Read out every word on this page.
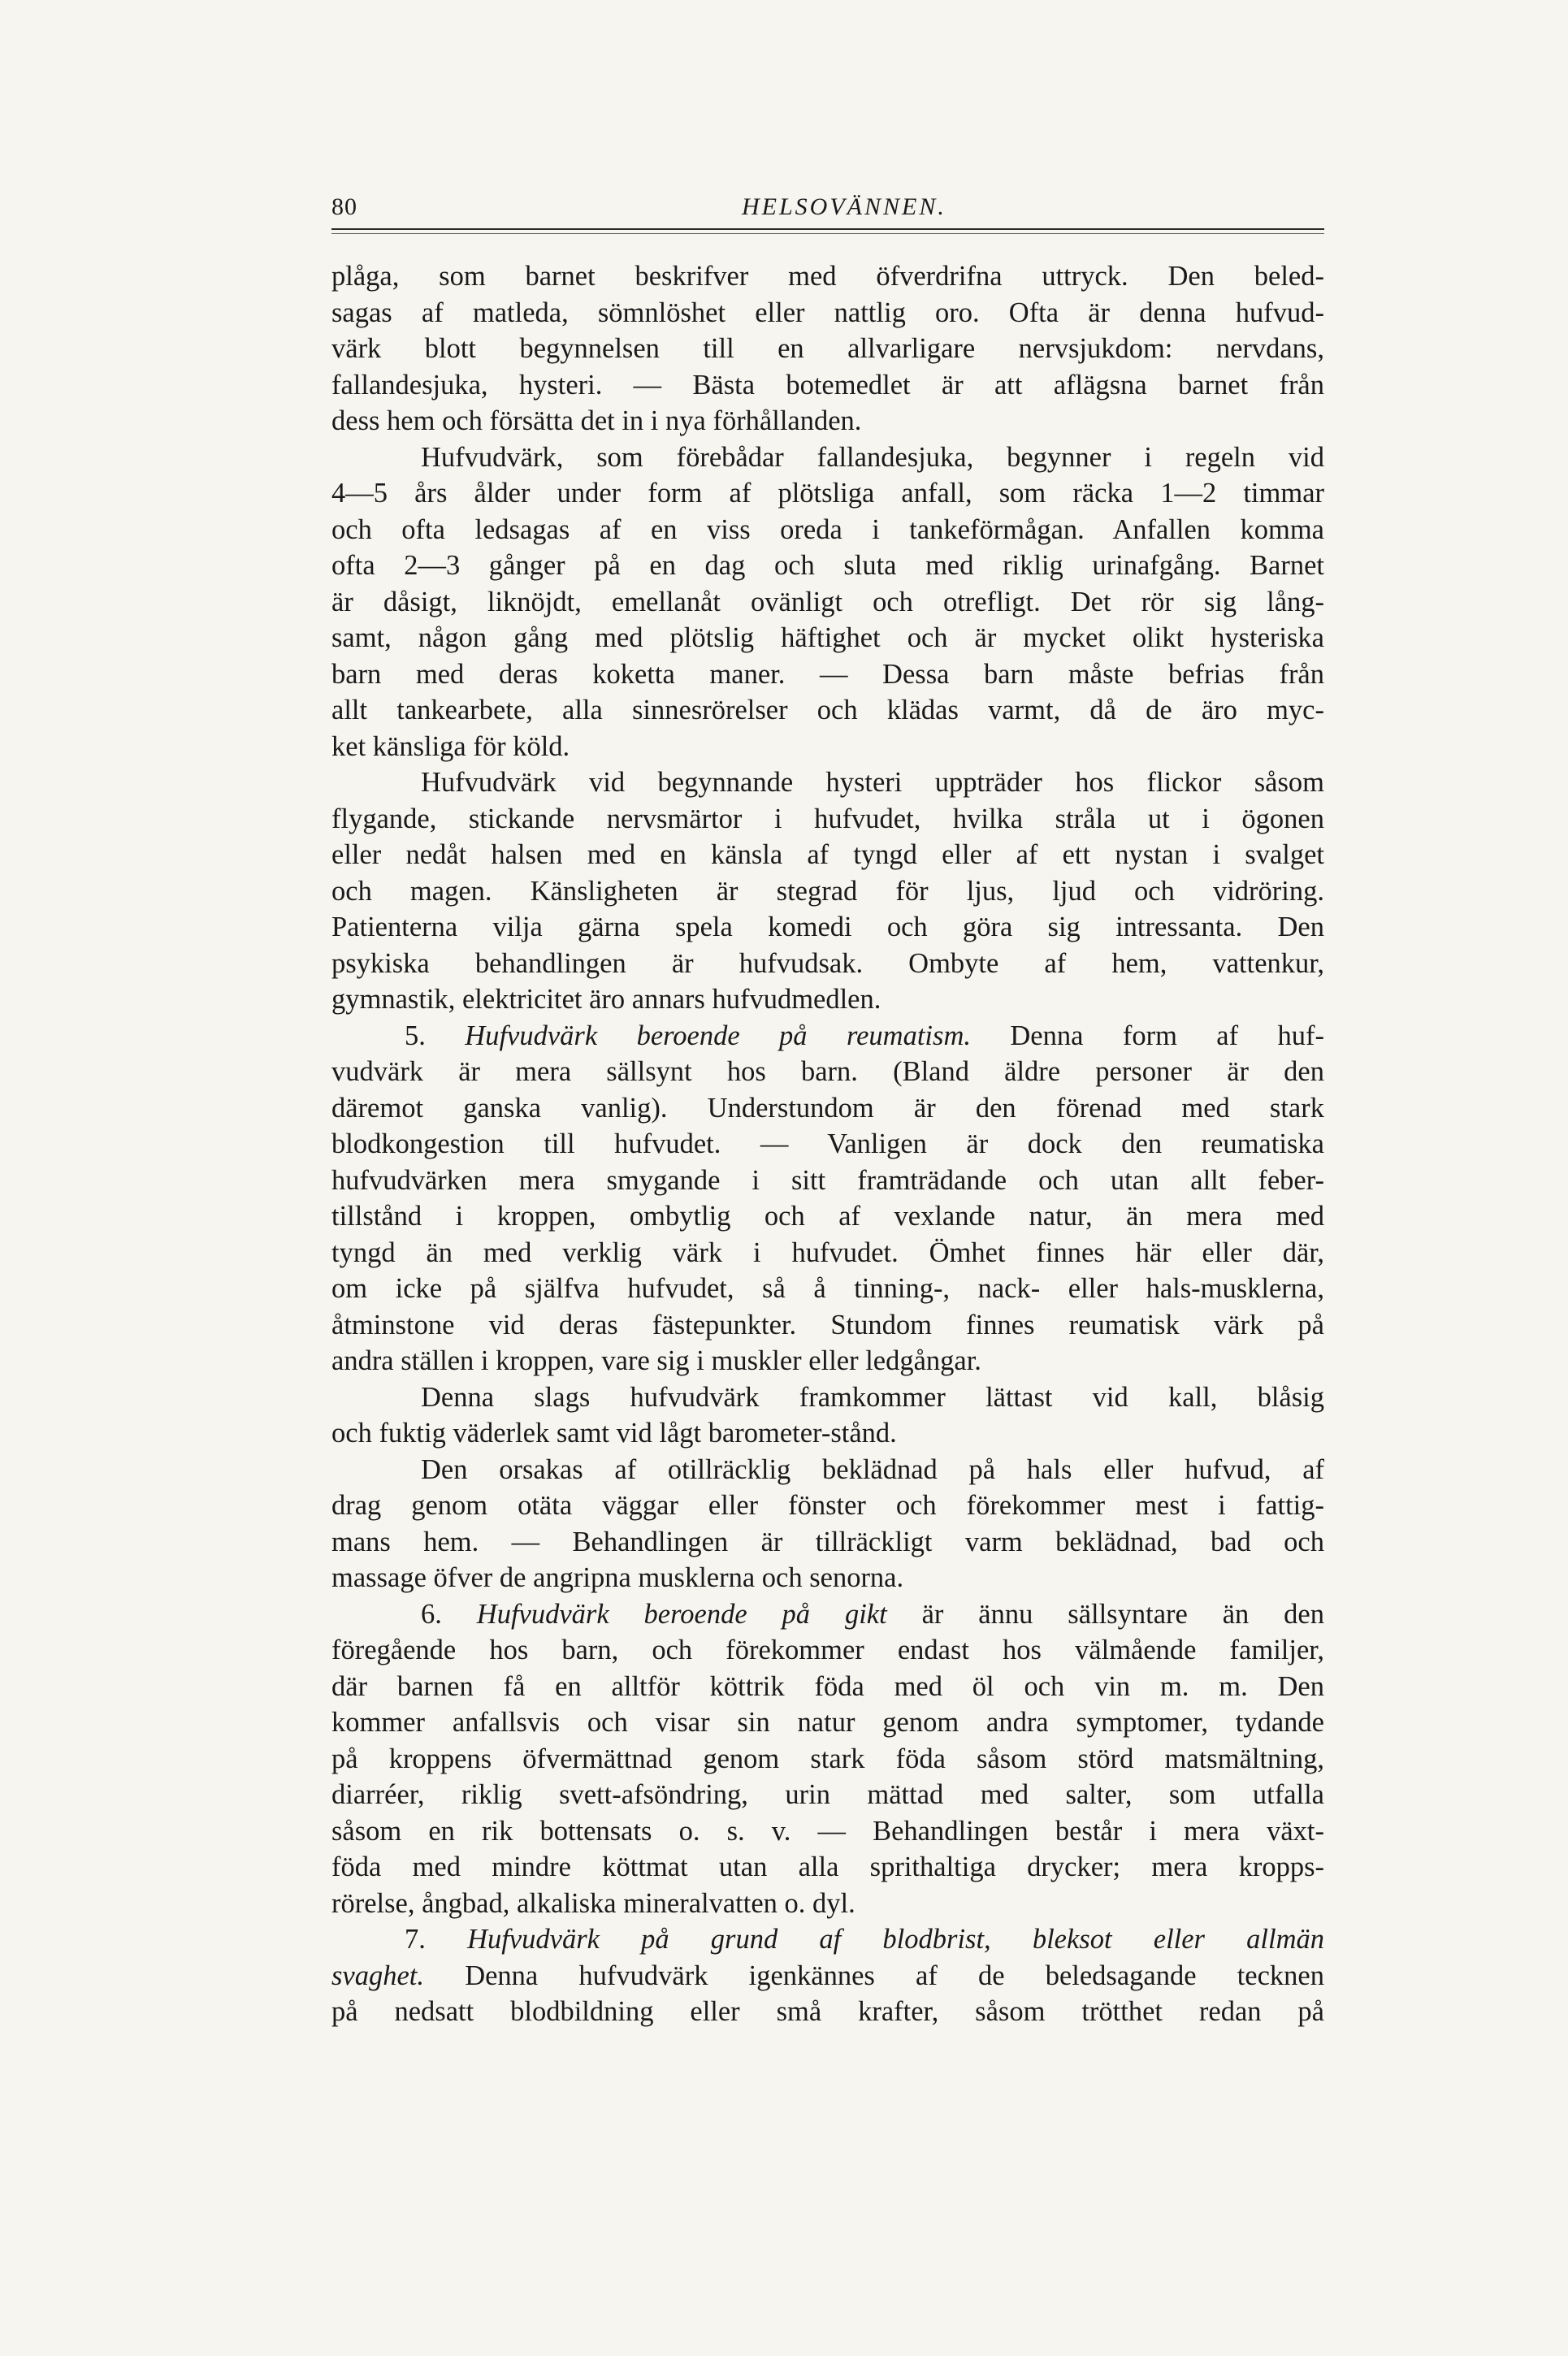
80	HELSOVÄNNEN.
plåga, som barnet beskrifver med öfverdrifna uttryck. Den beled-
sagas af matleda, sömnlöshet eller nattlig oro. Ofta är denna hufvud-
värk blott begynnelsen till en allvarligare nervsjukdom: nervdans,
fallandesjuka, hysteri. — Bästa botemedlet är att aflägsna barnet från
dess hem och försätta det in i nya förhållanden.
Hufvudvärk, som förebådar fallandesjuka, begynner i regeln vid
4—5 års ålder under form af plötsliga anfall, som räcka 1—2 timmar
och ofta ledsagas af en viss oreda i tankeförmågan. Anfallen komma
ofta 2—3 gånger på en dag och sluta med riklig urinafgång. Barnet
är dåsigt, liknöjdt, emellanåt ovänligt och otrefligt. Det rör sig lång-
samt, någon gång med plötslig häftighet och är mycket olikt hysteriska
barn med deras koketta maner. — Dessa barn måste befrias från
allt tankearbete, alla sinnesrörelser och klädas varmt, då de äro myc-
ket känsliga för köld.
Hufvudvärk vid begynnande hysteri uppträder hos flickor såsom
flygande, stickande nervsmärtor i hufvudet, hvilka stråla ut i ögonen
eller nedåt halsen med en känsla af tyngd eller af ett nystan i svalget
och magen. Känsligheten är stegrad för ljus, ljud och vidröring.
Patienterna vilja gärna spela komedi och göra sig intressanta. Den
psykiska behandlingen är hufvudsak. Ombyte af hem, vattenkur,
gymnastik, elektricitet äro annars hufvudmedlen.
5. Hufvudvärk beroende på reumatism. Denna form af huf-
vudvärk är mera sällsynt hos barn. (Bland äldre personer är den
däremot ganska vanlig). Understundom är den förenad med stark
blodkongestion till hufvudet. — Vanligen är dock den reumatiska
hufvudvärken mera smygande i sitt framträdande och utan allt feber-
tillstånd i kroppen, ombytlig och af vexlande natur, än mera med
tyngd än med verklig värk i hufvudet. Ömhet finnes här eller där,
om icke på själfva hufvudet, så å tinning-, nack- eller hals-musklerna,
åtminstone vid deras fästepunkter. Stundom finnes reumatisk värk på
andra ställen i kroppen, vare sig i muskler eller ledgångar.
Denna slags hufvudvärk framkommer lättast vid kall, blåsig
och fuktig väderlek samt vid lågt barometer-stånd.
Den orsakas af otillräcklig beklädnad på hals eller hufvud, af
drag genom otäta väggar eller fönster och förekommer mest i fattig-
mans hem. — Behandlingen är tillräckligt varm beklädnad, bad och
massage öfver de angripna musklerna och senorna.
6. Hufvudvärk beroende på gikt är ännu sällsyntare än den
föregående hos barn, och förekommer endast hos välmående familjer,
där barnen få en alltför köttrik föda med öl och vin m. m. Den
kommer anfallsvis och visar sin natur genom andra symptomer, tydande
på kroppens öfvermättnad genom stark föda såsom störd matsmältning,
diarréer, riklig svett-afsöndring, urin mättad med salter, som utfalla
såsom en rik bottensats o. s. v. — Behandlingen består i mera växt-
föda med mindre köttmat utan alla sprithaltiga drycker; mera kropps-
rörelse, ångbad, alkaliska mineralvatten o. dyl.
7. Hufvudvärk på grund af blodbrist, bleksot eller allmän
svaghet. Denna hufvudvärk igenkännes af de beledsagande tecknen
på nedsatt blodbildning eller små krafter, såsom trötthet redan på
